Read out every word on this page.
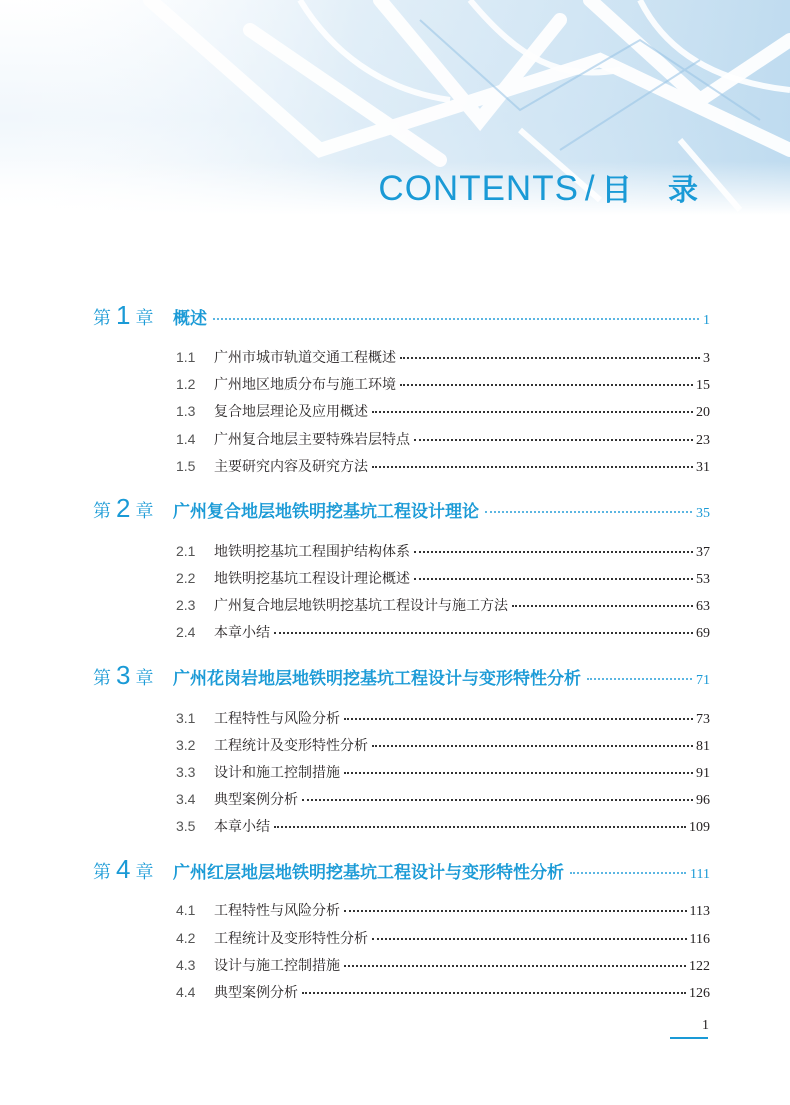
CONTENTS / 目 录
第 1 章 概述	1
1.1	广州市城市轨道交通工程概述	3
1.2	广州地区地质分布与施工环境	15
1.3	复合地层理论及应用概述	20
1.4	广州复合地层主要特殊岩层特点	23
1.5	主要研究内容及研究方法	31
第 2 章 广州复合地层地铁明挖基坑工程设计理论	35
2.1	地铁明挖基坑工程围护结构体系	37
2.2	地铁明挖基坑工程设计理论概述	53
2.3	广州复合地层地铁明挖基坑工程设计与施工方法	63
2.4	本章小结	69
第 3 章 广州花岗岩地层地铁明挖基坑工程设计与变形特性分析	71
3.1	工程特性与风险分析	73
3.2	工程统计及变形特性分析	81
3.3	设计和施工控制措施	91
3.4	典型案例分析	96
3.5	本章小结	109
第 4 章 广州红层地层地铁明挖基坑工程设计与变形特性分析	111
4.1	工程特性与风险分析	113
4.2	工程统计及变形特性分析	116
4.3	设计与施工控制措施	122
4.4	典型案例分析	126
1
